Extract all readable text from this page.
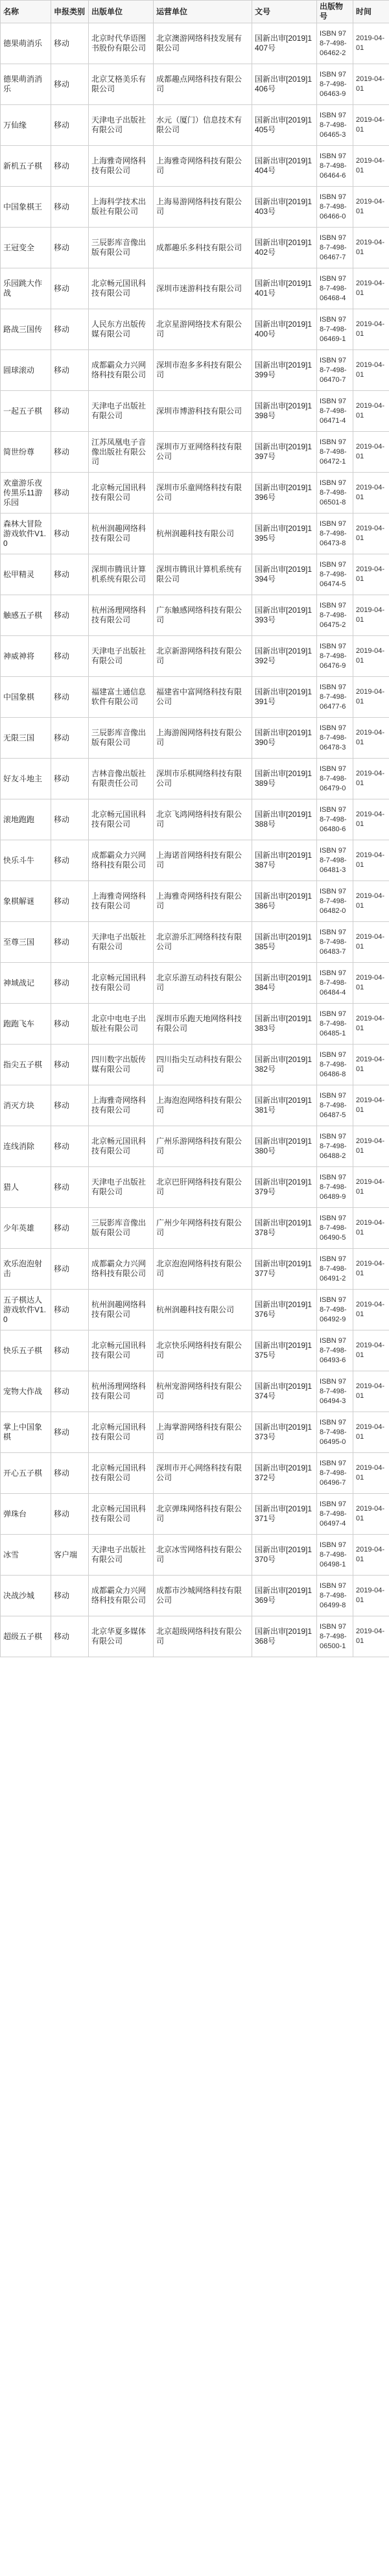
名称	申报类别	出版单位	运营单位	文号	出版物号	时间
德果萌消乐	移动	北京时代华语图书股份有限公司	北京澳游网络科技发展有限公司	国新出审[2019]1407号	ISBN 978-7-498-06462-2	2019-04-01
德果萌消消乐	移动	北京艾格美乐有限公司	成都趣点网络科技有限公司	国新出审[2019]1406号	ISBN 978-7-498-06463-9	2019-04-01
万仙缘	移动	天津电子出版社有限公司	水元（厦门）信息技术有限公司	国新出审[2019]1405号	ISBN 978-7-498-06465-3	2019-04-01
新机五子棋	移动	上海雅奇网络科技有限公司	上海雅奇网络科技有限公司	国新出审[2019]1404号	ISBN 978-7-498-06464-6	2019-04-01
中国象棋王	移动	上海科学技术出版社有限公司	上海易游网络科技有限公司	国新出审[2019]1403号	ISBN 978-7-498-06466-0	2019-04-01
王冠变全	移动	三辰影库音像出版有限公司	成都趣乐多科技有限公司	国新出审[2019]1402号	ISBN 978-7-498-06467-7	2019-04-01
乐园跳大作战	移动	北京畅元国讯科技有限公司	深圳市迷游科技有限公司	国新出审[2019]1401号	ISBN 978-7-498-06468-4	2019-04-01
路战三国传	移动	人民东方出版传媒有限公司	北京星游网络技术有限公司	国新出审[2019]1400号	ISBN 978-7-498-06469-1	2019-04-01
圆球滚动	移动	成都霸众力兴网络科技有限公司	深圳市泡多多科技有限公司	国新出审[2019]1399号	ISBN 978-7-498-06470-7	2019-04-01
一起五子棋	移动	天津电子出版社有限公司	深圳市博游科技有限公司	国新出审[2019]1398号	ISBN 978-7-498-06471-4	2019-04-01
简世纷尊	移动	江苏凤凰电子音像出版社有限公司	深圳市万亚网络科技有限公司	国新出审[2019]1397号	ISBN 978-7-498-06472-1	2019-04-01
欢童游乐夜传黑乐11游乐园	移动	北京畅元国讯科技有限公司	深圳市乐童网络科技有限公司	国新出审[2019]1396号	ISBN 978-7-498-06501-8	2019-04-01
森林大冒险游戏软件V1.0	移动	杭州润趣网络科技有限公司	杭州润趣科技有限公司	国新出审[2019]1395号	ISBN 978-7-498-06473-8	2019-04-01
松甲精灵	移动	深圳市腾讯计算机系统有限公司	深圳市腾讯计算机系统有限公司	国新出审[2019]1394号	ISBN 978-7-498-06474-5	2019-04-01
触感五子棋	移动	杭州汤理网络科技有限公司	广东触感网络科技有限公司	国新出审[2019]1393号	ISBN 978-7-498-06475-2	2019-04-01
神威神将	移动	天津电子出版社有限公司	北京新游网络科技有限公司	国新出审[2019]1392号	ISBN 978-7-498-06476-9	2019-04-01
中国象棋	移动	福建富士通信息软件有限公司	福建省中富网络科技有限公司	国新出审[2019]1391号	ISBN 978-7-498-06477-6	2019-04-01
无限三国	移动	三辰影库音像出版有限公司	上海游阁网络科技有限公司	国新出审[2019]1390号	ISBN 978-7-498-06478-3	2019-04-01
好友斗地主	移动	吉林音像出版社有限责任公司	深圳市乐棋网络科技有限公司	国新出审[2019]1389号	ISBN 978-7-498-06479-0	2019-04-01
滚地跑跑	移动	北京畅元国讯科技有限公司	北京飞鸿网络科技有限公司	国新出审[2019]1388号	ISBN 978-7-498-06480-6	2019-04-01
快乐斗牛	移动	成都霸众力兴网络科技有限公司	上海诺首网络科技有限公司	国新出审[2019]1387号	ISBN 978-7-498-06481-3	2019-04-01
象棋解谜	移动	上海雅奇网络科技有限公司	上海雅奇网络科技有限公司	国新出审[2019]1386号	ISBN 978-7-498-06482-0	2019-04-01
至尊三国	移动	天津电子出版社有限公司	北京游乐汇网络科技有限公司	国新出审[2019]1385号	ISBN 978-7-498-06483-7	2019-04-01
神域战记	移动	北京畅元国讯科技有限公司	北京乐游互动科技有限公司	国新出审[2019]1384号	ISBN 978-7-498-06484-4	2019-04-01
跑跑飞车	移动	北京中电电子出版社有限公司	深圳市乐跑天地网络科技有限公司	国新出审[2019]1383号	ISBN 978-7-498-06485-1	2019-04-01
指尖五子棋	移动	四川数字出版传媒有限公司	四川指尖互动科技有限公司	国新出审[2019]1382号	ISBN 978-7-498-06486-8	2019-04-01
消灭方块	移动	上海雅奇网络科技有限公司	上海泡泡网络科技有限公司	国新出审[2019]1381号	ISBN 978-7-498-06487-5	2019-04-01
连线消除	移动	北京畅元国讯科技有限公司	广州乐游网络科技有限公司	国新出审[2019]1380号	ISBN 978-7-498-06488-2	2019-04-01
猎人	移动	天津电子出版社有限公司	北京巴肝网络科技有限公司	国新出审[2019]1379号	ISBN 978-7-498-06489-9	2019-04-01
少年英雄	移动	三辰影库音像出版有限公司	广州少年网络科技有限公司	国新出审[2019]1378号	ISBN 978-7-498-06490-5	2019-04-01
欢乐泡泡射击	移动	成都霸众力兴网络科技有限公司	北京泡泡网络科技有限公司	国新出审[2019]1377号	ISBN 978-7-498-06491-2	2019-04-01
五子棋达人游戏软件V1.0	移动	杭州润趣网络科技有限公司	杭州润趣科技有限公司	国新出审[2019]1376号	ISBN 978-7-498-06492-9	2019-04-01
快乐五子棋	移动	北京畅元国讯科技有限公司	北京快乐网络科技有限公司	国新出审[2019]1375号	ISBN 978-7-498-06493-6	2019-04-01
宠物大作战	移动	杭州汤理网络科技有限公司	杭州宠游网络科技有限公司	国新出审[2019]1374号	ISBN 978-7-498-06494-3	2019-04-01
掌上中国象棋	移动	北京畅元国讯科技有限公司	上海掌游网络科技有限公司	国新出审[2019]1373号	ISBN 978-7-498-06495-0	2019-04-01
开心五子棋	移动	北京畅元国讯科技有限公司	深圳市开心网络科技有限公司	国新出审[2019]1372号	ISBN 978-7-498-06496-7	2019-04-01
弹珠台	移动	北京畅元国讯科技有限公司	北京弹珠网络科技有限公司	国新出审[2019]1371号	ISBN 978-7-498-06497-4	2019-04-01
冰雪	客户端	天津电子出版社有限公司	北京冰雪网络科技有限公司	国新出审[2019]1370号	ISBN 978-7-498-06498-1	2019-04-01
决战沙城	移动	成都霸众力兴网络科技有限公司	成都市沙城网络科技有限公司	国新出审[2019]1369号	ISBN 978-7-498-06499-8	2019-04-01
超级五子棋	移动	北京华夏多媒体有限公司	北京超级网络科技有限公司	国新出审[2019]1368号	ISBN 978-7-498-06500-1	2019-04-01
